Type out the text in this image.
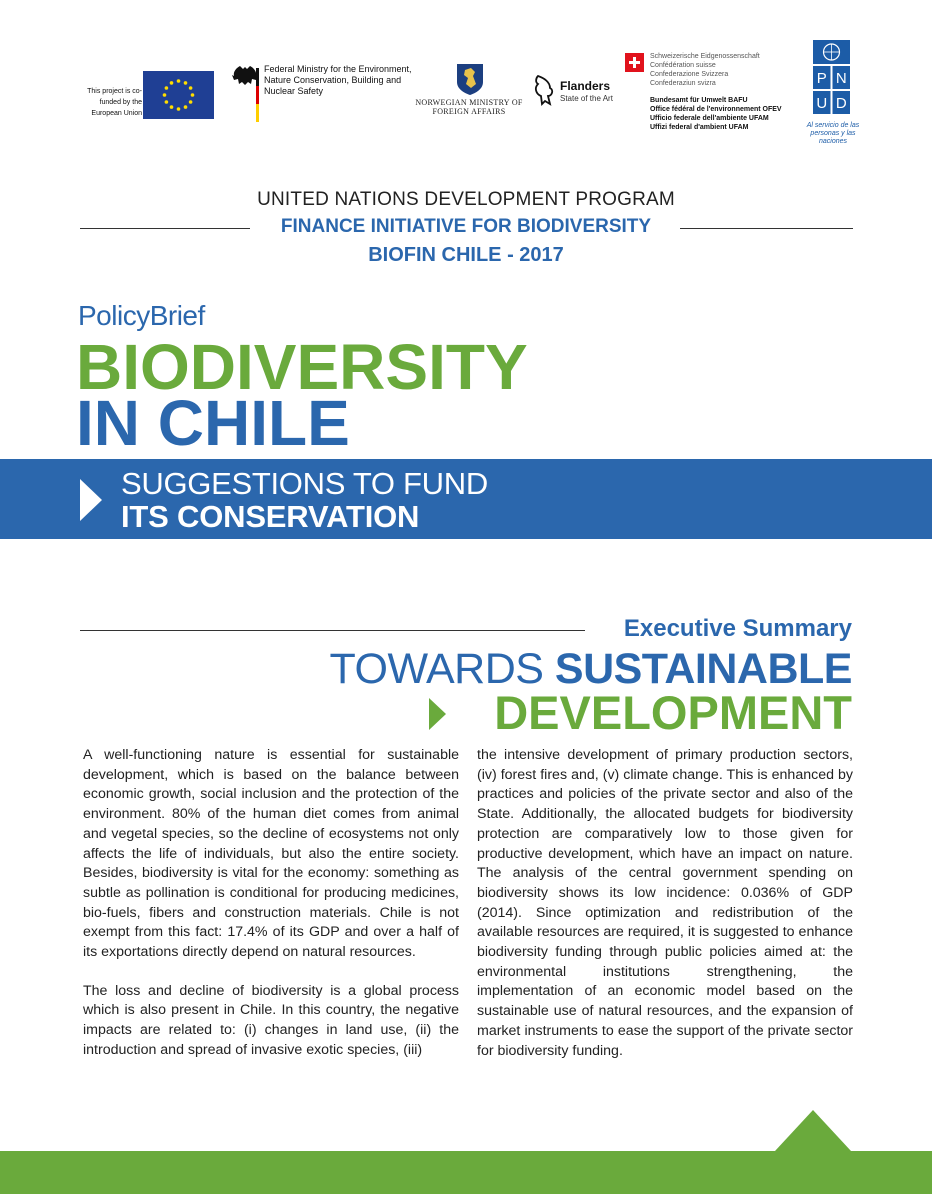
This project is co-funded by the European Union
Federal Ministry for the Environment, Nature Conservation, Building and Nuclear Safety
NORWEGIAN MINISTRY OF FOREIGN AFFAIRS
Flanders
State of the Art
Schweizerische Eidgenossenschaft
Confédération suisse
Confederazione Svizzera
Confederaziun svizra
Bundesamt für Umwelt BAFU
Office fédéral de l'environnement OFEV
Ufficio federale dell'ambiente UFAM
Uffizi federal d'ambient UFAM
P N
U D
Al servicio de las personas y las naciones
UNITED NATIONS DEVELOPMENT PROGRAM
FINANCE INITIATIVE FOR BIODIVERSITY
BIOFIN CHILE - 2017
PolicyBrief
BIODIVERSITY
IN CHILE
SUGGESTIONS TO FUND
ITS CONSERVATION
Executive Summary
TOWARDS SUSTAINABLE
DEVELOPMENT

A well-functioning nature is essential for sustainable development, which is based on the balance between economic growth, social inclusion and the protection of the environment. 80% of the human diet comes from animal and vegetal species, so the decline of ecosystems not only affects the life of individuals, but also the entire society. Besides, biodiversity is vital for the economy: something as subtle as pollination is conditional for producing medicines, bio-fuels, fibers and construction materials. Chile is not exempt from this fact: 17.4% of its GDP and over a half of its exportations directly depend on natural resources.

The loss and decline of biodiversity is a global process which is also present in Chile. In this country, the negative impacts are related to: (i) changes in land use, (ii) the introduction and spread of invasive exotic species, (iii)

the intensive development of primary production sectors, (iv) forest fires and, (v) climate change. This is enhanced by practices and policies of the private sector and also of the State. Additionally, the allocated budgets for biodiversity protection are comparatively low to those given for productive development, which have an impact on nature. The analysis of the central government spending on biodiversity shows its low incidence: 0.036% of GDP (2014). Since optimization and redistribution of the available resources are required, it is suggested to enhance biodiversity funding through public policies aimed at: the environmental institutions strengthening, the implementation of an economic model based on the sustainable use of natural resources, and the expansion of market instruments to ease the support of the private sector for biodiversity funding.
